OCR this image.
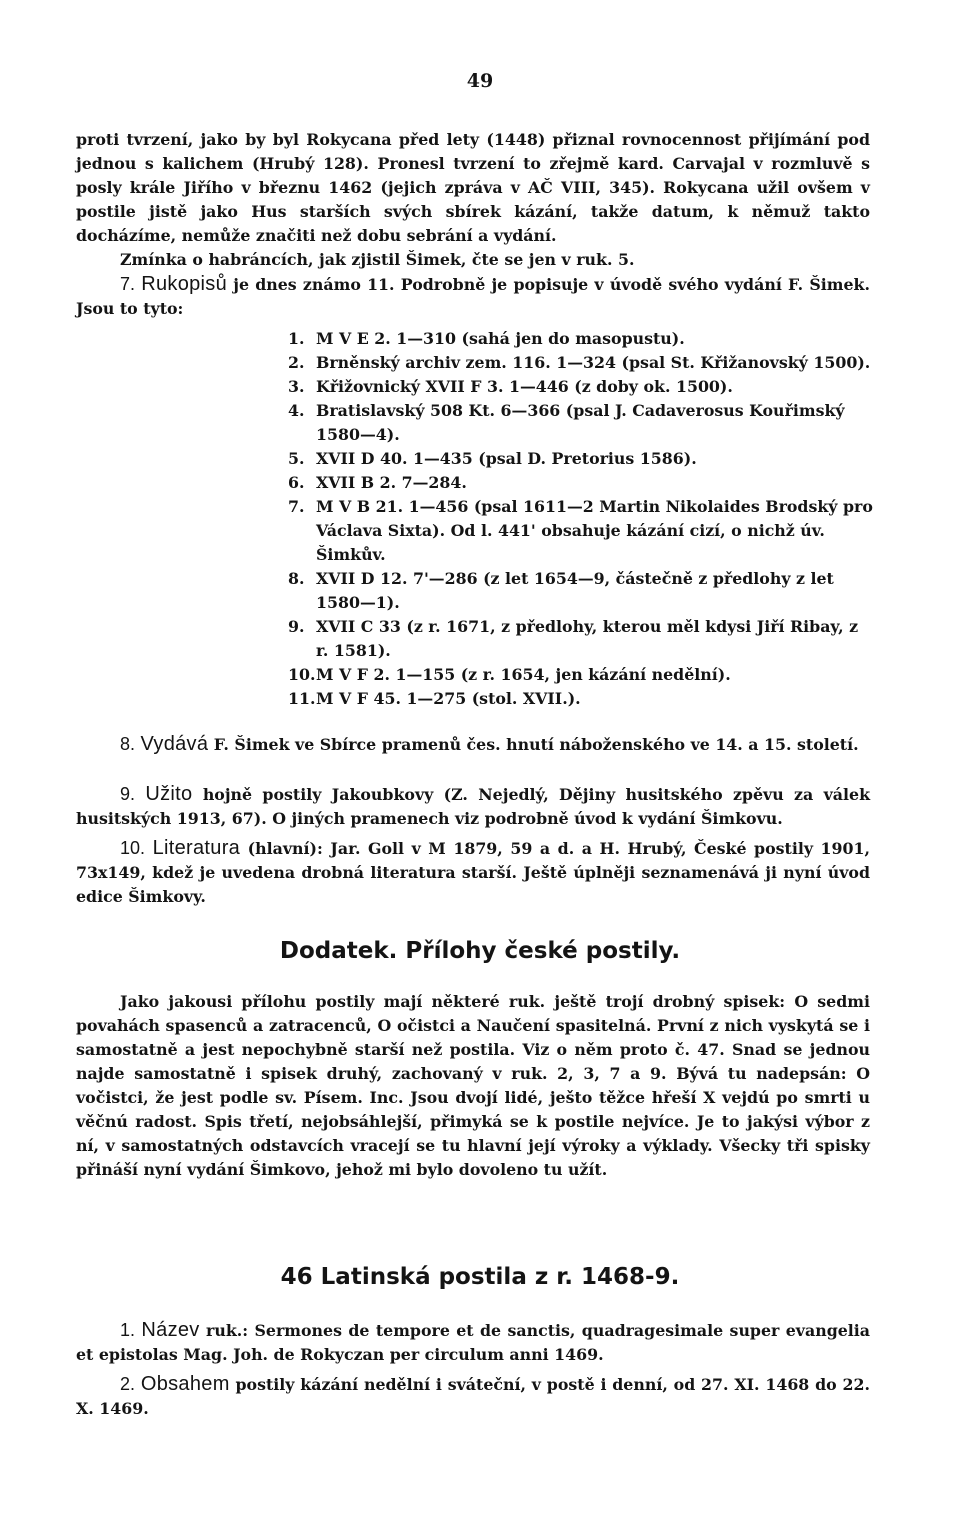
49

proti tvrzení, jako by byl Rokycana před lety (1448) přiznal rovnocennost přijímání pod jednou s kalichem (Hrubý 128). Pronesl tvrzení to zřejmě kard. Carvajal v rozmluvě s posly krále Jiřího v březnu 1462 (jejich zpráva v AČ VIII, 345). Rokycana užil ovšem v postile jistě jako Hus starších svých sbírek kázání, takže datum, k němuž takto docházíme, nemůže značiti než dobu sebrání a vydání.

Zmínka o habráncích, jak zjistil Šimek, čte se jen v ruk. 5.

7. Rukopisů je dnes známo 11. Podrobně je popisuje v úvodě svého vydání F. Šimek. Jsou to tyto:

1. M V E 2. 1—310 (sahá jen do masopustu).
2. Brněnský archiv zem. 116. 1—324 (psal St. Křižanovský 1500).
3. Křižovnický XVII F 3. 1—446 (z doby ok. 1500).
4. Bratislavský 508 Kt. 6—366 (psal J. Cadaverosus Kouřimský 1580—4).
5. XVII D 40. 1—435 (psal D. Pretorius 1586).
6. XVII B 2. 7—284.
7. M V B 21. 1—456 (psal 1611—2 Martin Nikolaides Brodský pro Václava Sixta). Od l. 441' obsahuje kázání cizí, o nichž úv. Šimkův.
8. XVII D 12. 7'—286 (z let 1654—9, částečně z předlohy z let 1580—1).
9. XVII C 33 (z r. 1671, z předlohy, kterou měl kdysi Jiří Ribay, z r. 1581).
10. M V F 2. 1—155 (z r. 1654, jen kázání nedělní).
11. M V F 45. 1—275 (stol. XVII.).

8. Vydává F. Šimek ve Sbírce pramenů čes. hnutí náboženského ve 14. a 15. století.

9. Užito hojně postily Jakoubkovy (Z. Nejedlý, Dějiny husitského zpěvu za válek husitských 1913, 67). O jiných pramenech viz podrobně úvod k vydání Šimkovu.

10. Literatura (hlavní): Jar. Goll v M 1879, 59 a d. a H. Hrubý, České postily 1901, 73x149, kdež je uvedena drobná literatura starší. Ještě úplněji seznamenává ji nyní úvod edice Šimkovy.

Dodatek. Přílohy české postily.

Jako jakousi přílohu postily mají některé ruk. ještě trojí drobný spisek: O sedmi povahách spasenců a zatracenců, O očistci a Naučení spasitelná. První z nich vyskytá se i samostatně a jest nepochybně starší než postila. Viz o něm proto č. 47. Snad se jednou najde samostatně i spisek druhý, zachovaný v ruk. 2, 3, 7 a 9. Bývá tu nadepsán: O vočistci, že jest podle sv. Písem. Inc. Jsou dvojí lidé, ješto těžce hřeší X vejdú po smrti u věčnú radost. Spis třetí, nejobsáhlejší, přimyká se k postile nejvíce. Je to jakýsi výbor z ní, v samostatných odstavcích vracejí se tu hlavní její výroky a výklady. Všecky tři spisky přináší nyní vydání Šimkovo, jehož mi bylo dovoleno tu užít.

46 Latinská postila z r. 1468-9.

1. Název ruk.: Sermones de tempore et de sanctis, quadragesimale super evangelia et epistolas Mag. Joh. de Rokyczan per circulum anni 1469.

2. Obsahem postily kázání nedělní i sváteční, v postě i denní, od 27. XI. 1468 do 22. X. 1469.
